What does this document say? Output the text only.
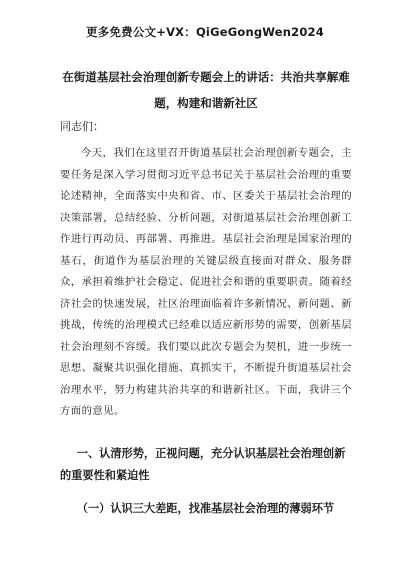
更多免费公文+VX：QiGeGongWen2024
在街道基层社会治理创新专题会上的讲话：共治共享解难题，构建和谐新社区
同志们：

今天，我们在这里召开街道基层社会治理创新专题会，主要任务是深入学习贯彻习近平总书记关于基层社会治理的重要论述精神，全面落实中央和省、市、区委关于基层社会治理的决策部署，总结经验、分析问题，对街道基层社会治理创新工作进行再动员、再部署、再推进。基层社会治理是国家治理的基石，街道作为基层治理的关键层级直接面对群众、服务群众，承担着维护社会稳定、促进社会和谐的重要职责。随着经济社会的快速发展，社区治理面临着许多新情况、新问题、新挑战，传统的治理模式已经难以适应新形势的需要，创新基层社会治理刻不容缓。我们要以此次专题会为契机，进一步统一思想、凝聚共识强化措施、真抓实干，不断提升街道基层社会治理水平，努力构建共治共享的和谐新社区。下面，我讲三个方面的意见。

一、认清形势，正视问题，充分认识基层社会治理创新的重要性和紧迫性

（一）认识三大差距，找准基层社会治理的薄弱环节
